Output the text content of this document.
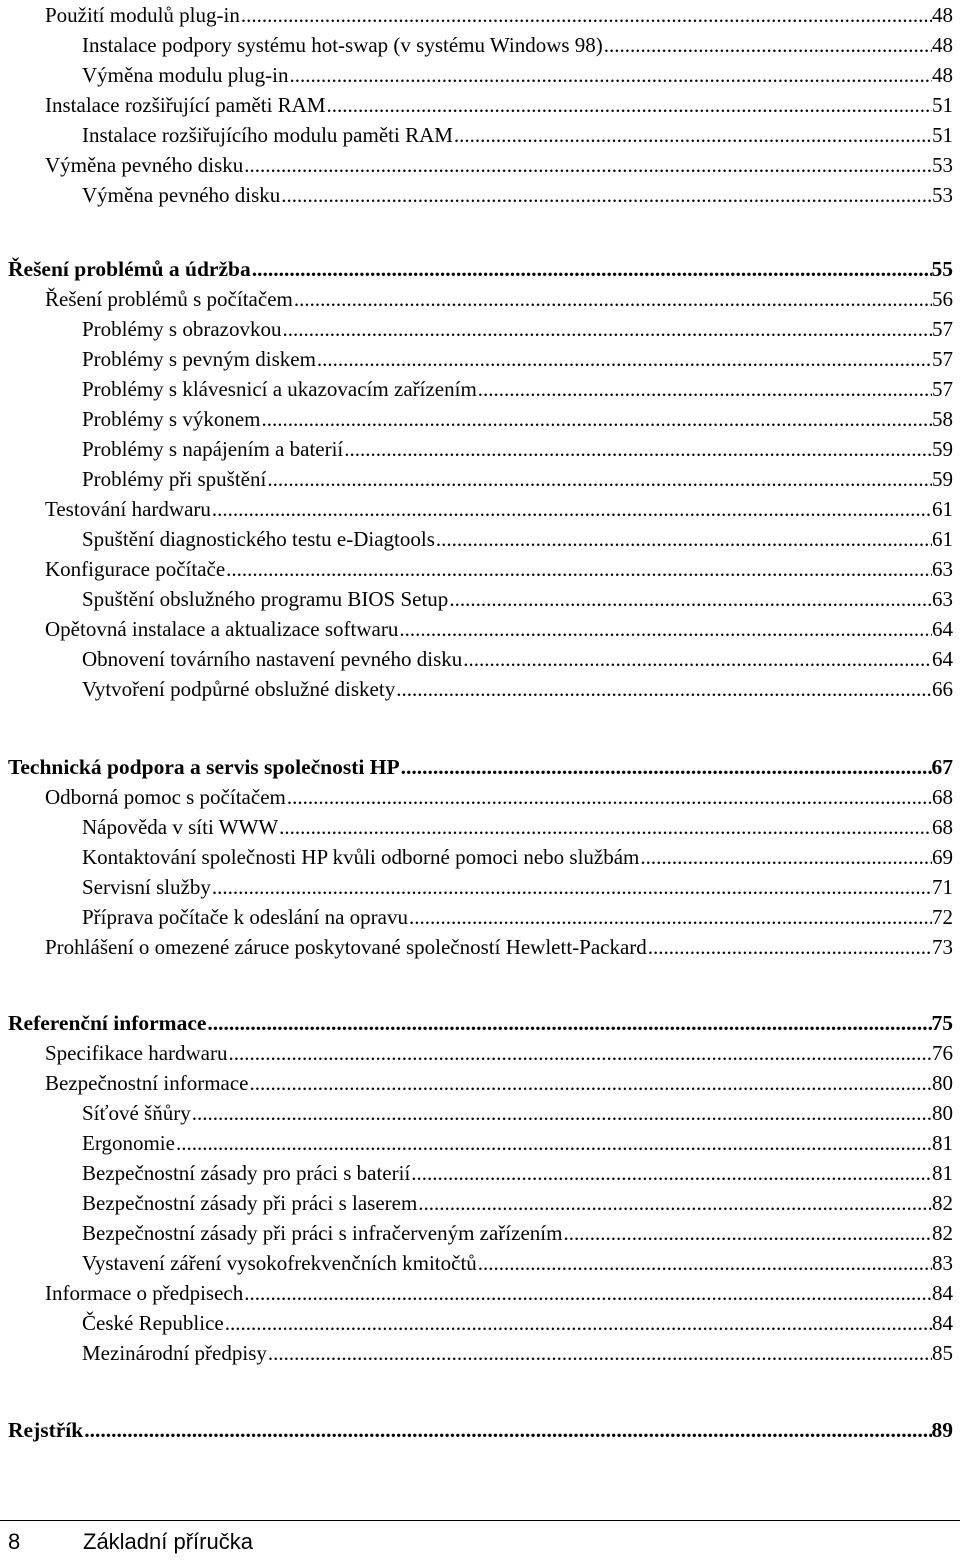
Použití modulů plug-in .....	48
Instalace podpory systému hot-swap (v systému Windows 98) .....	48
Výměna modulu plug-in .....	48
Instalace rozšiřující paměti RAM .....	51
Instalace rozšiřujícího modulu paměti RAM .....	51
Výměna pevného disku .....	53
Výměna pevného disku .....	53
Řešení problémů a údržba .....	55
Řešení problémů s počítačem .....	56
Problémy s obrazovkou .....	57
Problémy s pevným diskem .....	57
Problémy s klávesnicí a ukazovacím zařízením .....	57
Problémy s výkonem .....	58
Problémy s napájením a baterií .....	59
Problémy při spuštění .....	59
Testování hardwaru .....	61
Spuštění diagnostického testu e-Diagtools .....	61
Konfigurace počítače .....	63
Spuštění obslužného programu BIOS Setup .....	63
Opětovná instalace a aktualizace softwaru .....	64
Obnovení továrního nastavení pevného disku .....	64
Vytvoření podpůrné obslužné diskety .....	66
Technická podpora a servis společnosti HP .....	67
Odborná pomoc s počítačem .....	68
Nápověda v síti WWW .....	68
Kontaktování společnosti HP kvůli odborné pomoci nebo službám .....	69
Servisní služby .....	71
Příprava počítače k odeslání na opravu .....	72
Prohlášení o omezené záruce poskytované společností Hewlett-Packard .....	73
Referenční informace .....	75
Specifikace hardwaru .....	76
Bezpečnostní informace .....	80
Síťové šňůry .....	80
Ergonomie .....	81
Bezpečnostní zásady pro práci s baterií .....	81
Bezpečnostní zásady při práci s laserem .....	82
Bezpečnostní zásady při práci s infračerveným zařízením .....	82
Vystavení záření vysokofrekvenčních kmitočtů .....	83
Informace o předpisech .....	84
České Republice .....	84
Mezinárodní předpisy .....	85
Rejstřík .....	89
8	Základní příručka
